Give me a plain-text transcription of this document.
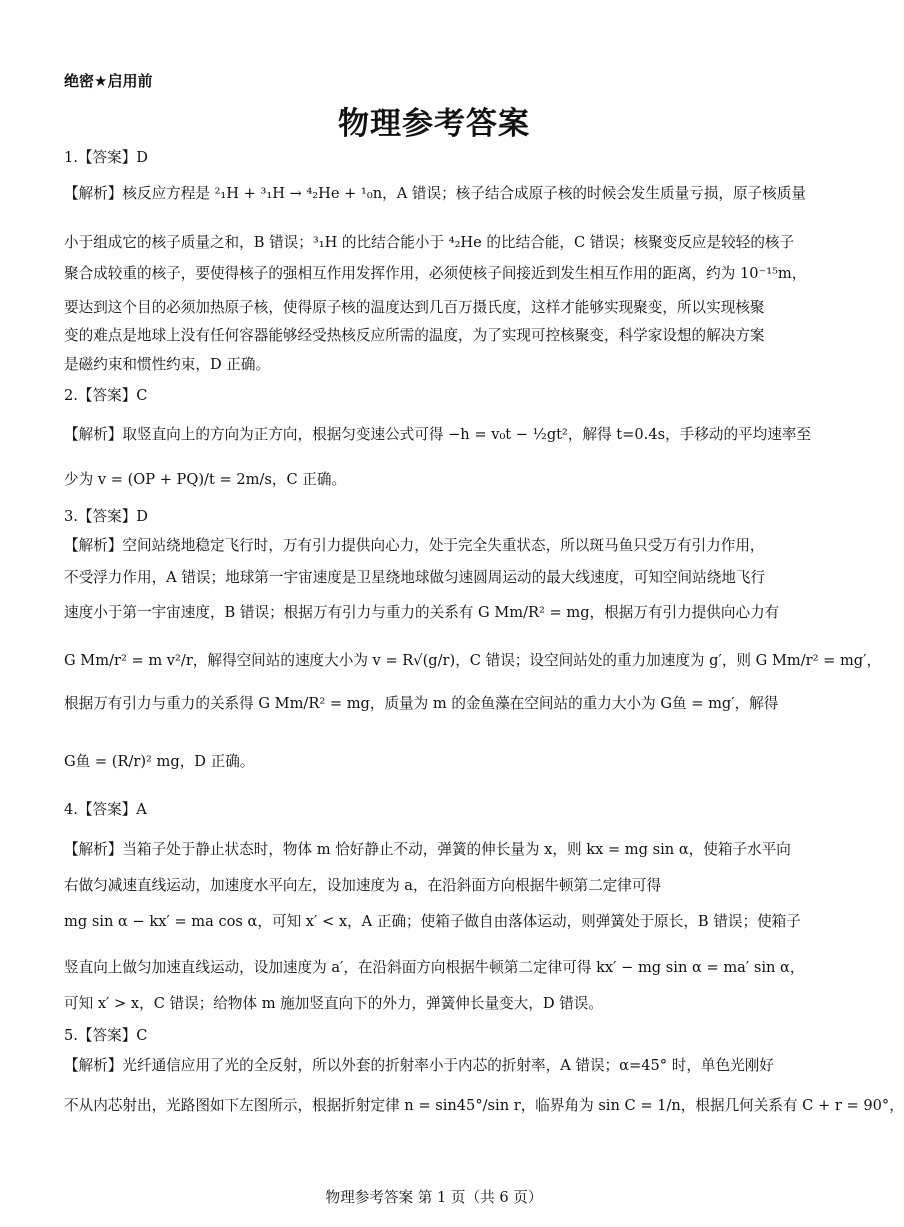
绝密★启用前
物理参考答案
1.【答案】D
【解析】核反应方程是 ²₁H + ³₁H → ⁴₂He + ¹₀n，A 错误；核子结合成原子核的时候会发生质量亏损，原子核质量
小于组成它的核子质量之和，B 错误；³₁H 的比结合能小于 ⁴₂He 的比结合能，C 错误；核聚变反应是较轻的核子
聚合成较重的核子，要使得核子的强相互作用发挥作用，必须使核子间接近到发生相互作用的距离，约为 10⁻¹⁵m，
要达到这个目的必须加热原子核，使得原子核的温度达到几百万摄氏度，这样才能够实现聚变，所以实现核聚
变的难点是地球上没有任何容器能够经受热核反应所需的温度，为了实现可控核聚变，科学家设想的解决方案
是磁约束和惯性约束，D 正确。
2.【答案】C
【解析】取竖直向上的方向为正方向，根据匀变速公式可得 −h = v₀t − ½gt²，解得 t=0.4s，手移动的平均速率至
少为 v = (OP + PQ)/t = 2m/s，C 正确。
3.【答案】D
【解析】空间站绕地稳定飞行时，万有引力提供向心力，处于完全失重状态，所以斑马鱼只受万有引力作用，
不受浮力作用，A 错误；地球第一宇宙速度是卫星绕地球做匀速圆周运动的最大线速度，可知空间站绕地飞行
速度小于第一宇宙速度，B 错误；根据万有引力与重力的关系有 G Mm/R² = mg，根据万有引力提供向心力有
G Mm/r² = m v²/r，解得空间站的速度大小为 v = R√(g/r)，C 错误；设空间站处的重力加速度为 g′，则 G Mm/r² = mg′，
根据万有引力与重力的关系得 G Mm/R² = mg，质量为 m 的金鱼藻在空间站的重力大小为 G鱼 = mg′，解得
G鱼 = (R/r)² mg，D 正确。
4.【答案】A
【解析】当箱子处于静止状态时，物体 m 恰好静止不动，弹簧的伸长量为 x，则 kx = mg sin α，使箱子水平向
右做匀减速直线运动，加速度水平向左，设加速度为 a，在沿斜面方向根据牛顿第二定律可得
mg sin α − kx′ = ma cos α，可知 x′ < x，A 正确；使箱子做自由落体运动，则弹簧处于原长，B 错误；使箱子
竖直向上做匀加速直线运动，设加速度为 a′，在沿斜面方向根据牛顿第二定律可得 kx′ − mg sin α = ma′ sin α，
可知 x′ > x，C 错误；给物体 m 施加竖直向下的外力，弹簧伸长量变大，D 错误。
5.【答案】C
【解析】光纤通信应用了光的全反射，所以外套的折射率小于内芯的折射率，A 错误；α=45° 时，单色光刚好
不从内芯射出，光路图如下左图所示，根据折射定律 n = sin45°/sin r，临界角为 sin C = 1/n，根据几何关系有 C + r = 90°，
物理参考答案 第 1 页（共 6 页）
